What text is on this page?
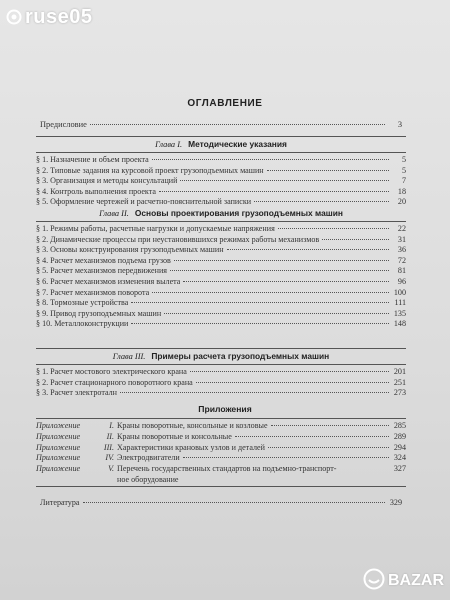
ruse05
ОГЛАВЛЕНИЕ
Предисловие	3
Глава I. Методические указания
§ 1. Назначение и объем проекта	5
§ 2. Типовые задания на курсовой проект грузоподъемных машин	5
§ 3. Организация и методы консультаций	7
§ 4. Контроль выполнения проекта	18
§ 5. Оформление чертежей и расчетно-пояснительной записки	20
Глава II. Основы проектирования грузоподъемных машин
§ 1. Режимы работы, расчетные нагрузки и допускаемые напряжения	22
§ 2. Динамические процессы при неустановившихся режимах работы механизмов	31
§ 3. Основы конструирования грузоподъемных машин	36
§ 4. Расчет механизмов подъема грузов	72
§ 5. Расчет механизмов передвижения	81
§ 6. Расчет механизмов изменения вылета	96
§ 7. Расчет механизмов поворота	100
§ 8. Тормозные устройства	111
§ 9. Привод грузоподъемных машин	135
§ 10. Металлоконструкции	148
Глава III. Примеры расчета грузоподъемных машин
§ 1. Расчет мостового электрического крана	201
§ 2. Расчет стационарного поворотного крана	251
§ 3. Расчет электроталн	273
Приложения
Приложение	I. Краны поворотные, консольные и козловые	285
Приложение	II. Краны поворотные и консольные	289
Приложение	III. Характеристики крановых узлов и деталей	294
Приложение	IV. Электродвигатели	324
Приложение	V. Перечень государственных стандартов на подъемно-транспорт-	327
ное оборудование
Литература	329
BAZAR
